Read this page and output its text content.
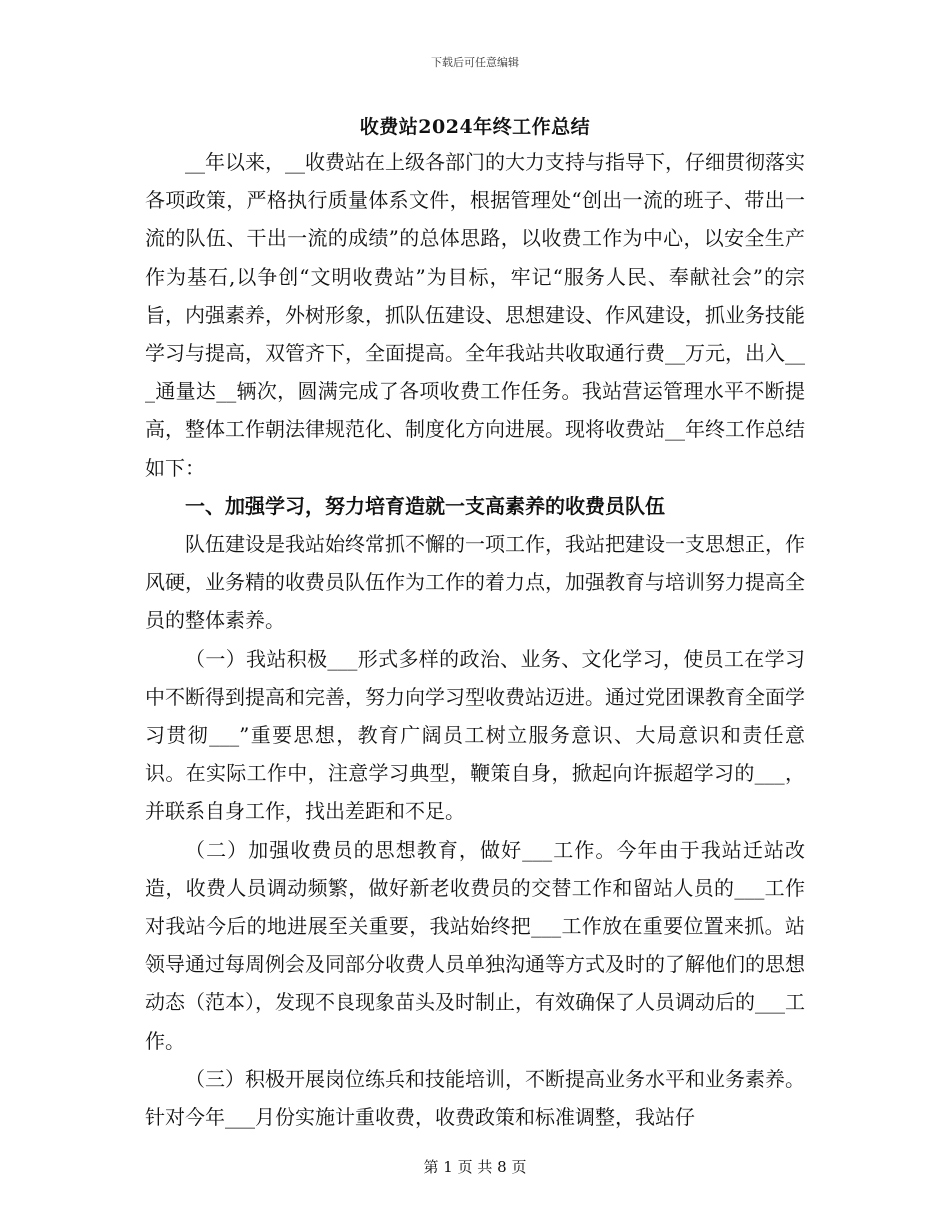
下载后可任意编辑
收费站2024年终工作总结

__年以来，__收费站在上级各部门的大力支持与指导下，仔细贯彻落实各项政策，严格执行质量体系文件，根据管理处“创出一流的班子、带出一流的队伍、干出一流的成绩”的总体思路，以收费工作为中心，以安全生产作为基石,以争创“文明收费站”为目标，牢记“服务人民、奉献社会”的宗旨，内强素养，外树形象，抓队伍建设、思想建设、作风建设，抓业务技能学习与提高，双管齐下，全面提高。全年我站共收取通行费__万元，出入___通量达__辆次，圆满完成了各项收费工作任务。我站营运管理水平不断提高，整体工作朝法律规范化、制度化方向进展。现将收费站__年终工作总结如下：

一、加强学习，努力培育造就一支高素养的收费员队伍

队伍建设是我站始终常抓不懈的一项工作，我站把建设一支思想正，作风硬，业务精的收费员队伍作为工作的着力点，加强教育与培训努力提高全员的整体素养。

（一）我站积极___形式多样的政治、业务、文化学习，使员工在学习中不断得到提高和完善，努力向学习型收费站迈进。通过党团课教育全面学习贯彻___”重要思想，教育广阔员工树立服务意识、大局意识和责任意识。在实际工作中，注意学习典型，鞭策自身，掀起向许振超学习的___，并联系自身工作，找出差距和不足。

（二）加强收费员的思想教育，做好___工作。今年由于我站迁站改造，收费人员调动频繁，做好新老收费员的交替工作和留站人员的___工作对我站今后的地进展至关重要，我站始终把___工作放在重要位置来抓。站领导通过每周例会及同部分收费人员单独沟通等方式及时的了解他们的思想动态（范本），发现不良现象苗头及时制止，有效确保了人员调动后的___工作。

（三）积极开展岗位练兵和技能培训，不断提高业务水平和业务素养。针对今年___月份实施计重收费，收费政策和标准调整，我站仔

第 1 页 共 8 页
